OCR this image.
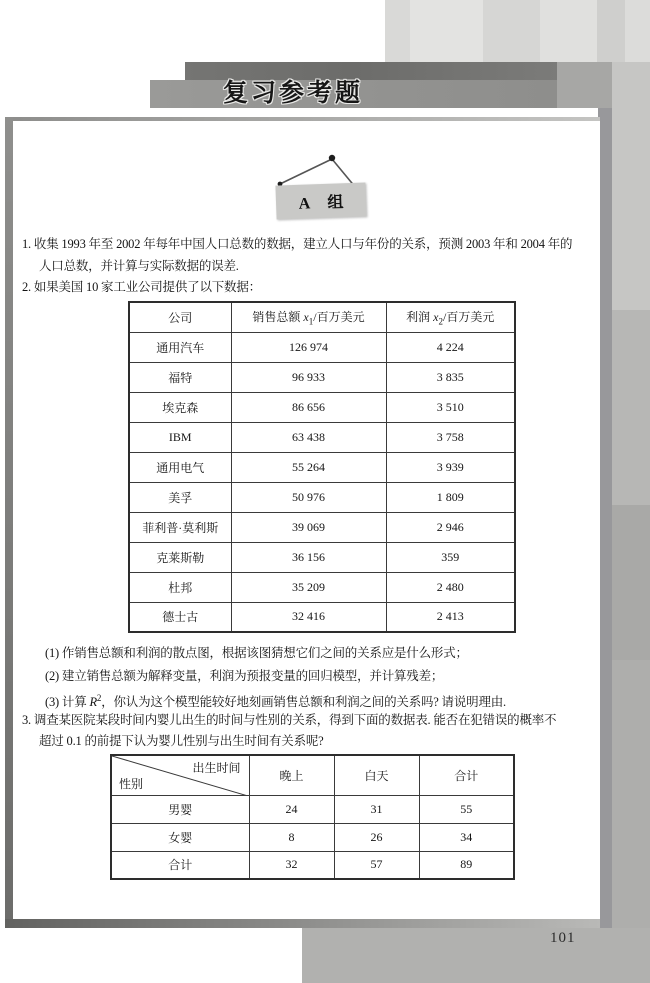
复习参考题
A 组
1. 收集 1993 年至 2002 年每年中国人口总数的数据，建立人口与年份的关系，预测 2003 年和 2004 年的
人口总数，并计算与实际数据的误差.
2. 如果美国 10 家工业公司提供了以下数据：
公司	销售总额 $x_1/$百万美元	利润 $x_2/$百万美元
通用汽车	126 974	4 224
福特	96 933	3 835
埃克森	86 656	3 510
IBM	63 438	3 758
通用电气	55 264	3 939
美孚	50 976	1 809
菲利普·莫利斯	39 069	2 946
克莱斯勒	36 156	359
杜邦	35 209	2 480
德士古	32 416	2 413
(1) 作销售总额和利润的散点图，根据该图猜想它们之间的关系应是什么形式；
(2) 建立销售总额为解释变量，利润为预报变量的回归模型，并计算残差；
(3) 计算 $R^2$，你认为这个模型能较好地刻画销售总额和利润之间的关系吗? 请说明理由.
3. 调查某医院某段时间内婴儿出生的时间与性别的关系，得到下面的数据表. 能否在犯错误的概率不
超过 0.1 的前提下认为婴儿性别与出生时间有关系呢?
出生时间
性别	晚上	白天	合计
男婴	24	31	55
女婴	8	26	34
合计	32	57	89
101
